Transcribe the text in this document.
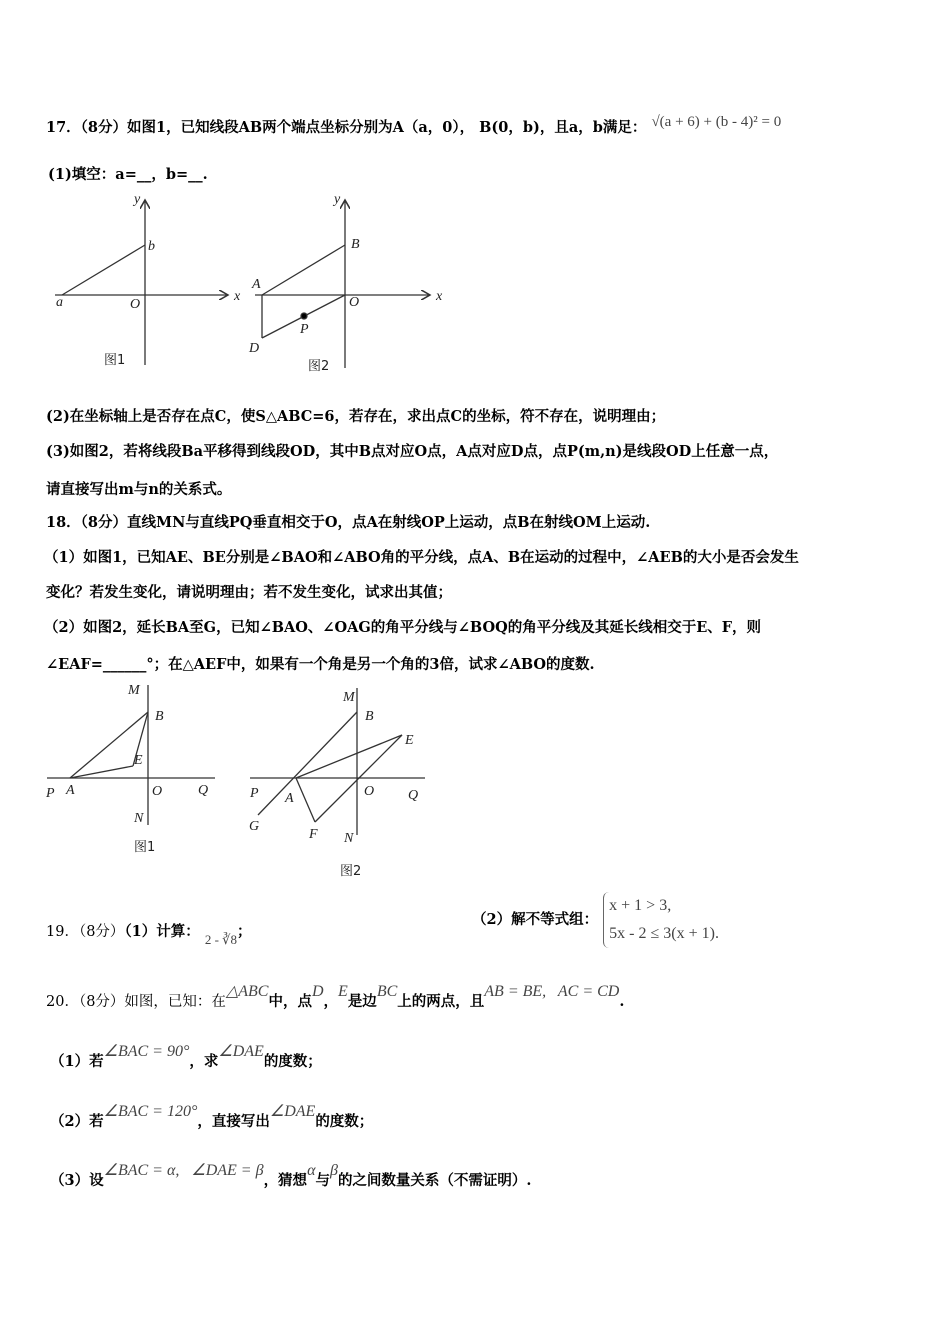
17．（8分）如图1，已知线段AB两个端点坐标分别为A（a，0）， B(0，b)，且a，b满足： √(a + 6) + (b - 4)² = 0
(1)填空：a=__，b=__.
y
b
a	O
x
图1
y
B
A
O	x
P
D
图2
M
B
E
P A	O	Q
N
图1
M
B
E
P A	O Q
G
F N
图2
(2)在坐标轴上是否存在点C，使S△ABC=6，若存在，求出点C的坐标，符不存在，说明理由；
(3)如图2，若将线段Ba平移得到线段OD，其中B点对应O点，A点对应D点，点P(m,n)是线段OD上任意一点，
请直接写出m与n的关系式。
18．（8分）直线MN与直线PQ垂直相交于O，点A在射线OP上运动，点B在射线OM上运动.
（1）如图1，已知AE、BE分别是∠BAO和∠ABO角的平分线，点A、B在运动的过程中，∠AEB的大小是否会发生
变化？若发生变化，请说明理由；若不发生变化，试求出其值；
（2）如图2，延长BA至G，已知∠BAO、∠OAG的角平分线与∠BOQ的角平分线及其延长线相交于E、F，则
∠EAF=______°；在△AEF中，如果有一个角是另一个角的3倍，试求∠ABO的度数.
19．（8分）（1）计算： 2 - ∛8；
（2）解不等式组： x + 1 > 3,
5x - 2 ≤ 3(x + 1).
20．（8分）如图，已知：在△ABC中，点D，E是边BC上的两点，且AB = BE,   AC = CD.
（1）若∠BAC = 90°，求∠DAE的度数；
（2）若∠BAC = 120°，直接写出∠DAE的度数；
（3）设∠BAC = α,   ∠DAE = β，猜想α与β的之间数量关系（不需证明）.
